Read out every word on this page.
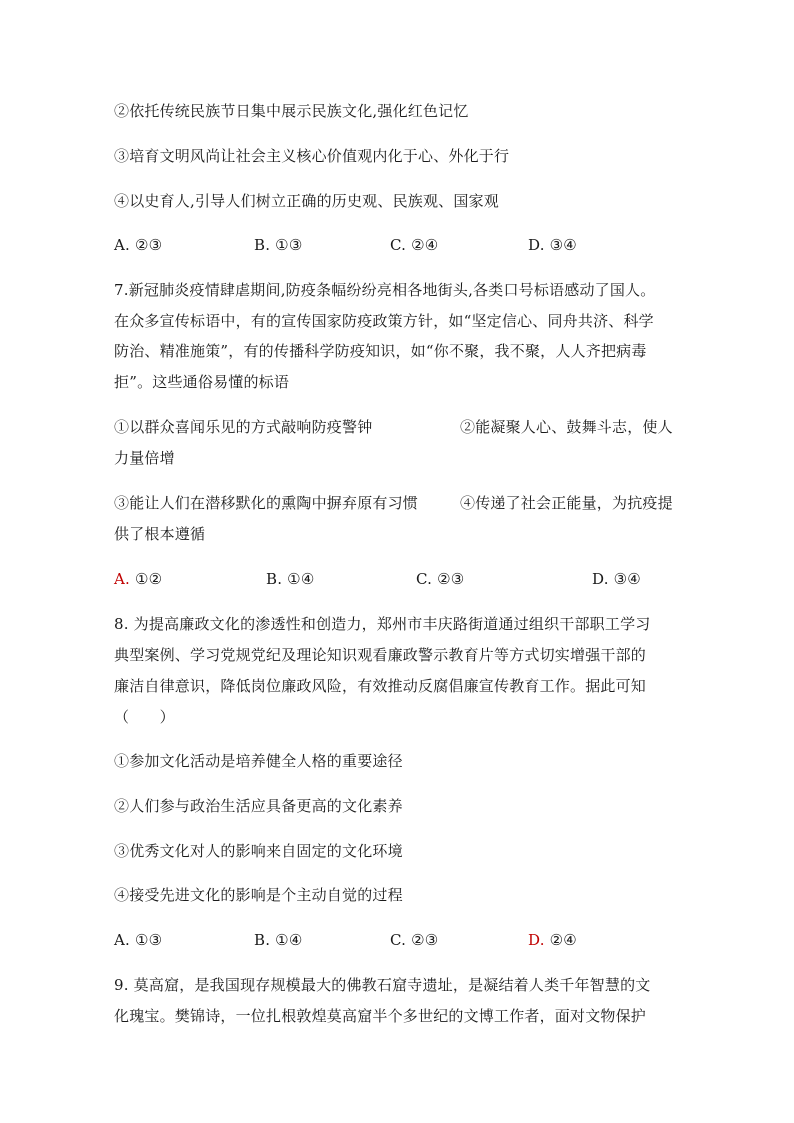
②依托传统民族节日集中展示民族文化,强化红色记忆

③培育文明风尚让社会主义核心价值观内化于心、外化于行

④以史育人,引导人们树立正确的历史观、民族观、国家观

A. ②③	B. ①③	C. ②④	D. ③④

7.新冠肺炎疫情肆虐期间,防疫条幅纷纷亮相各地街头,各类口号标语感动了国人。

在众多宣传标语中，有的宣传国家防疫政策方针，如“坚定信心、同舟共济、科学

防治、精准施策”，有的传播科学防疫知识，如“你不聚，我不聚，人人齐把病毒

拒”。这些通俗易懂的标语

①以群众喜闻乐见的方式敲响防疫警钟	②能凝聚人心、鼓舞斗志，使人

力量倍增

③能让人们在潜移默化的熏陶中摒弃原有习惯	④传递了社会正能量，为抗疫提

供了根本遵循

A. ①②	B. ①④	C. ②③	D. ③④

8. 为提高廉政文化的渗透性和创造力，郑州市丰庆路街道通过组织干部职工学习

典型案例、学习党规党纪及理论知识观看廉政警示教育片等方式切实增强干部的

廉洁自律意识，降低岗位廉政风险，有效推动反腐倡廉宣传教育工作。据此可知

（　　）

①参加文化活动是培养健全人格的重要途径

②人们参与政治生活应具备更高的文化素养

③优秀文化对人的影响来自固定的文化环境

④接受先进文化的影响是个主动自觉的过程

A. ①③	B. ①④	C. ②③	D. ②④

9. 莫高窟，是我国现存规模最大的佛教石窟寺遗址，是凝结着人类千年智慧的文

化瑰宝。樊锦诗，一位扎根敦煌莫高窟半个多世纪的文博工作者，面对文物保护
